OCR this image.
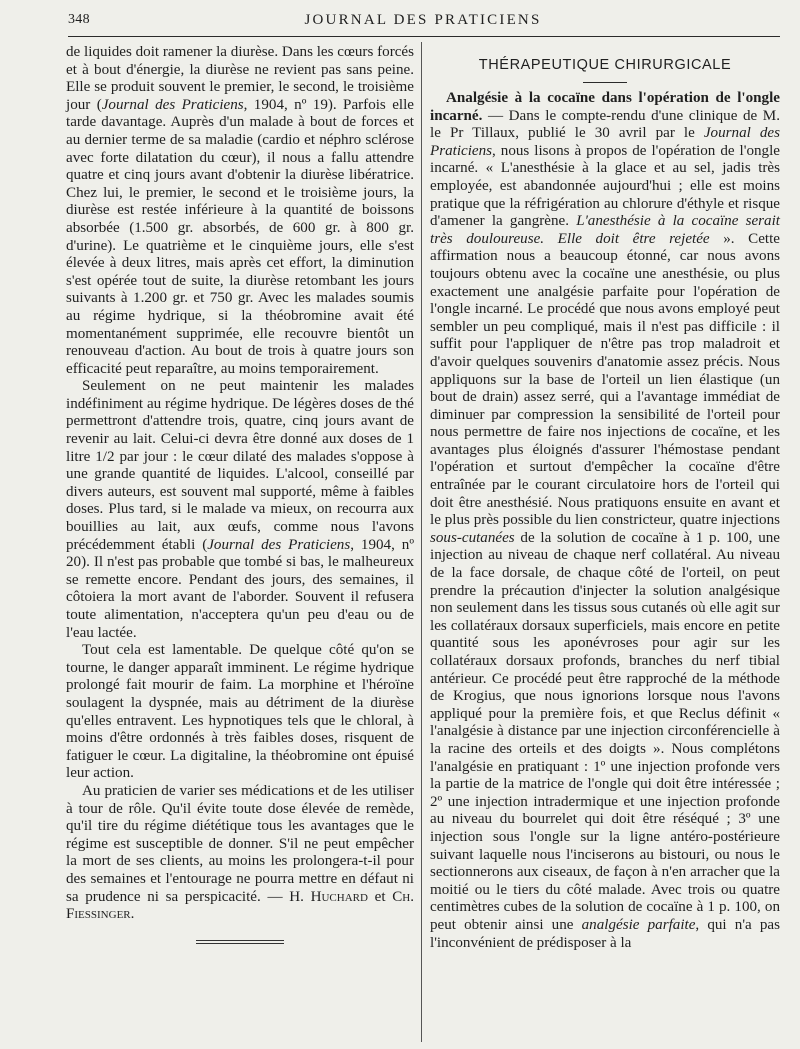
348	JOURNAL DES PRATICIENS

de liquides doit ramener la diurèse. Dans les cœurs forcés et à bout d'énergie, la diurèse ne revient pas sans peine. Elle se produit souvent le premier, le second, le troisième jour (Journal des Praticiens, 1904, nº 19). Parfois elle tarde davantage. Auprès d'un malade à bout de forces et au dernier terme de sa maladie (cardio et néphro sclérose avec forte dilatation du cœur), il nous a fallu attendre quatre et cinq jours avant d'obtenir la diurèse libératrice. Chez lui, le premier, le second et le troisième jours, la diurèse est restée inférieure à la quantité de boissons absorbée (1.500 gr. absorbés, de 600 gr. à 800 gr. d'urine). Le quatrième et le cinquième jours, elle s'est élevée à deux litres, mais après cet effort, la diminution s'est opérée tout de suite, la diurèse retombant les jours suivants à 1.200 gr. et 750 gr. Avec les malades soumis au régime hydrique, si la théobromine avait été momentanément supprimée, elle recouvre bientôt un renouveau d'action. Au bout de trois à quatre jours son efficacité peut reparaître, au moins temporairement.

Seulement on ne peut maintenir les malades indéfiniment au régime hydrique. De légères doses de thé permettront d'attendre trois, quatre, cinq jours avant de revenir au lait. Celui-ci devra être donné aux doses de 1 litre 1/2 par jour : le cœur dilaté des malades s'oppose à une grande quantité de liquides. L'alcool, conseillé par divers auteurs, est souvent mal supporté, même à faibles doses. Plus tard, si le malade va mieux, on recourra aux bouillies au lait, aux œufs, comme nous l'avons précédemment établi (Journal des Praticiens, 1904, nº 20). Il n'est pas probable que tombé si bas, le malheureux se remette encore. Pendant des jours, des semaines, il côtoiera la mort avant de l'aborder. Souvent il refusera toute alimentation, n'acceptera qu'un peu d'eau ou de l'eau lactée.

Tout cela est lamentable. De quelque côté qu'on se tourne, le danger apparaît imminent. Le régime hydrique prolongé fait mourir de faim. La morphine et l'héroïne soulagent la dyspnée, mais au détriment de la diurèse qu'elles entravent. Les hypnotiques tels que le chloral, à moins d'être ordonnés à très faibles doses, risquent de fatiguer le cœur. La digitaline, la théobromine ont épuisé leur action.

Au praticien de varier ses médications et de les utiliser à tour de rôle. Qu'il évite toute dose élevée de remède, qu'il tire du régime diététique tous les avantages que le régime est susceptible de donner. S'il ne peut empêcher la mort de ses clients, au moins les prolongera-t-il pour des semaines et l'entourage ne pourra mettre en défaut ni sa prudence ni sa perspicacité. — H. Huchard et Ch. Fiessinger.

THÉRAPEUTIQUE CHIRURGICALE

Analgésie à la cocaïne dans l'opération de l'ongle incarné. — Dans le compte-rendu d'une clinique de M. le Pr Tillaux, publié le 30 avril par le Journal des Praticiens, nous lisons à propos de l'opération de l'ongle incarné. « L'anesthésie à la glace et au sel, jadis très employée, est abandonnée aujourd'hui ; elle est moins pratique que la réfrigération au chlorure d'éthyle et risque d'amener la gangrène. L'anesthésie à la cocaïne serait très douloureuse. Elle doit être rejetée ». Cette affirmation nous a beaucoup étonné, car nous avons toujours obtenu avec la cocaïne une anesthésie, ou plus exactement une analgésie parfaite pour l'opération de l'ongle incarné. Le procédé que nous avons employé peut sembler un peu compliqué, mais il n'est pas difficile : il suffit pour l'appliquer de n'être pas trop maladroit et d'avoir quelques souvenirs d'anatomie assez précis. Nous appliquons sur la base de l'orteil un lien élastique (un bout de drain) assez serré, qui a l'avantage immédiat de diminuer par compression la sensibilité de l'orteil pour nous permettre de faire nos injections de cocaïne, et les avantages plus éloignés d'assurer l'hémostase pendant l'opération et surtout d'empêcher la cocaïne d'être entraînée par le courant circulatoire hors de l'orteil qui doit être anesthésié. Nous pratiquons ensuite en avant et le plus près possible du lien constricteur, quatre injections sous-cutanées de la solution de cocaïne à 1 p. 100, une injection au niveau de chaque nerf collatéral. Au niveau de la face dorsale, de chaque côté de l'orteil, on peut prendre la précaution d'injecter la solution analgésique non seulement dans les tissus sous cutanés où elle agit sur les collatéraux dorsaux superficiels, mais encore en petite quantité sous les aponévroses pour agir sur les collatéraux dorsaux profonds, branches du nerf tibial antérieur. Ce procédé peut être rapproché de la méthode de Krogius, que nous ignorions lorsque nous l'avons appliqué pour la première fois, et que Reclus définit « l'analgésie à distance par une injection circonférencielle à la racine des orteils et des doigts ». Nous complétons l'analgésie en pratiquant : 1º une injection profonde vers la partie de la matrice de l'ongle qui doit être intéressée ; 2º une injection intradermique et une injection profonde au niveau du bourrelet qui doit être réséqué ; 3º une injection sous l'ongle sur la ligne antéro-postérieure suivant laquelle nous l'inciserons au bistouri, ou nous le sectionnerons aux ciseaux, de façon à n'en arracher que la moitié ou le tiers du côté malade. Avec trois ou quatre centimètres cubes de la solution de cocaïne à 1 p. 100, on peut obtenir ainsi une analgésie parfaite, qui n'a pas l'inconvénient de prédisposer à la
